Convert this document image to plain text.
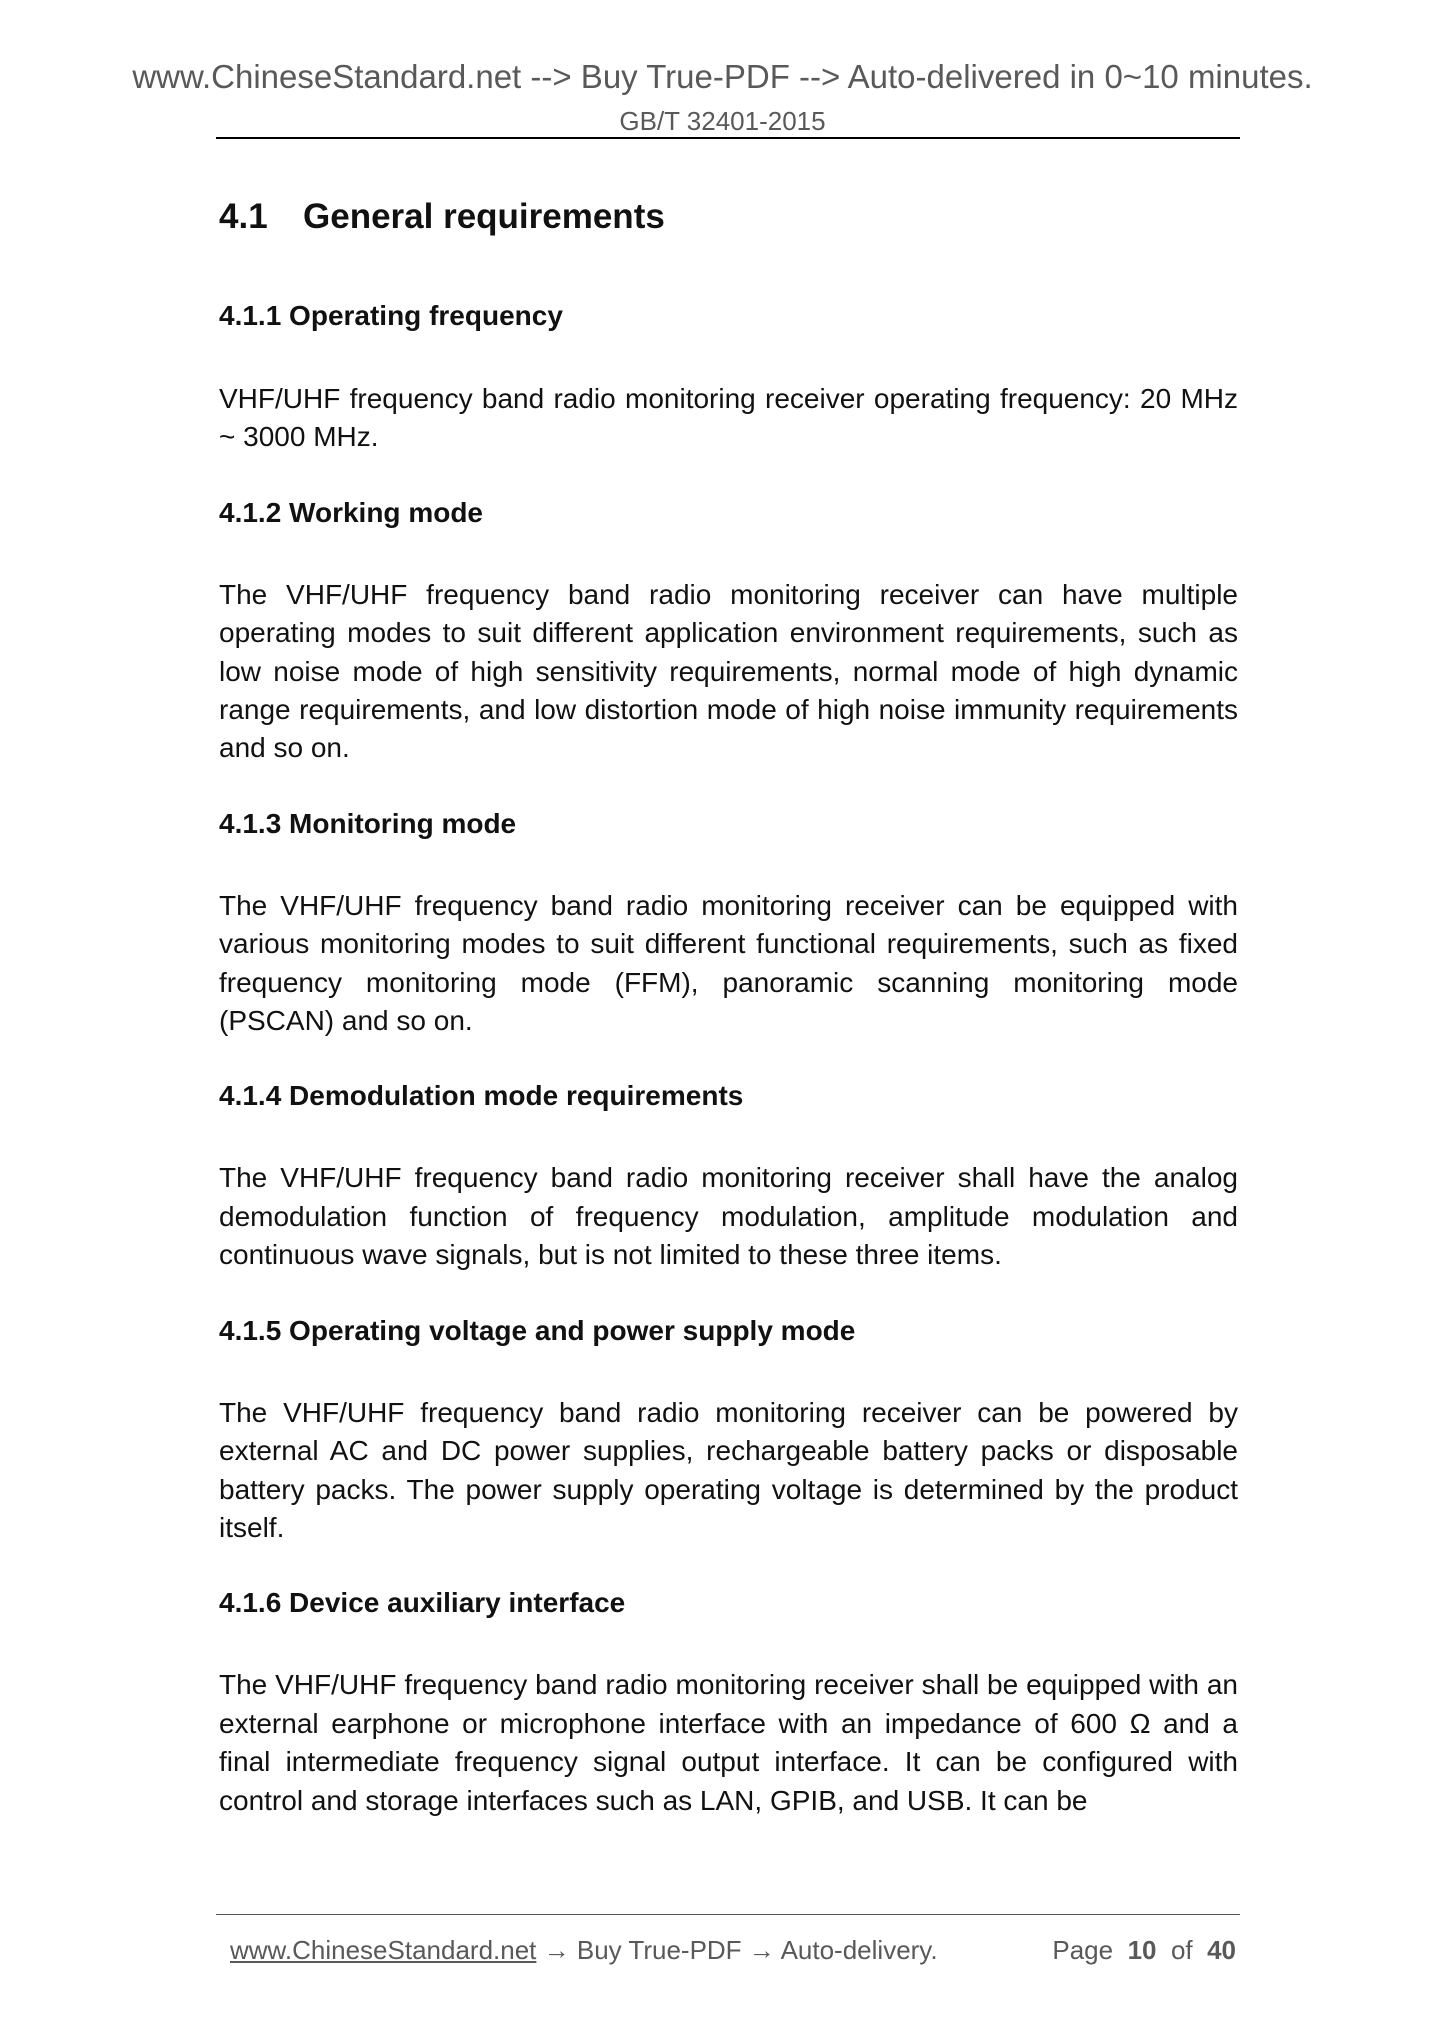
www.ChineseStandard.net --> Buy True-PDF --> Auto-delivered in 0~10 minutes.
GB/T 32401-2015
4.1 General requirements
4.1.1 Operating frequency

VHF/UHF frequency band radio monitoring receiver operating frequency: 20 MHz ~ 3000 MHz.

4.1.2 Working mode

The VHF/UHF frequency band radio monitoring receiver can have multiple operating modes to suit different application environment requirements, such as low noise mode of high sensitivity requirements, normal mode of high dynamic range requirements, and low distortion mode of high noise immunity requirements and so on.

4.1.3 Monitoring mode

The VHF/UHF frequency band radio monitoring receiver can be equipped with various monitoring modes to suit different functional requirements, such as fixed frequency monitoring mode (FFM), panoramic scanning monitoring mode (PSCAN) and so on.

4.1.4 Demodulation mode requirements

The VHF/UHF frequency band radio monitoring receiver shall have the analog demodulation function of frequency modulation, amplitude modulation and continuous wave signals, but is not limited to these three items.

4.1.5 Operating voltage and power supply mode

The VHF/UHF frequency band radio monitoring receiver can be powered by external AC and DC power supplies, rechargeable battery packs or disposable battery packs. The power supply operating voltage is determined by the product itself.

4.1.6 Device auxiliary interface

The VHF/UHF frequency band radio monitoring receiver shall be equipped with an external earphone or microphone interface with an impedance of 600 Ω and a final intermediate frequency signal output interface. It can be configured with control and storage interfaces such as LAN, GPIB, and USB. It can be

www.ChineseStandard.net → Buy True-PDF → Auto-delivery.	Page 10 of 40
